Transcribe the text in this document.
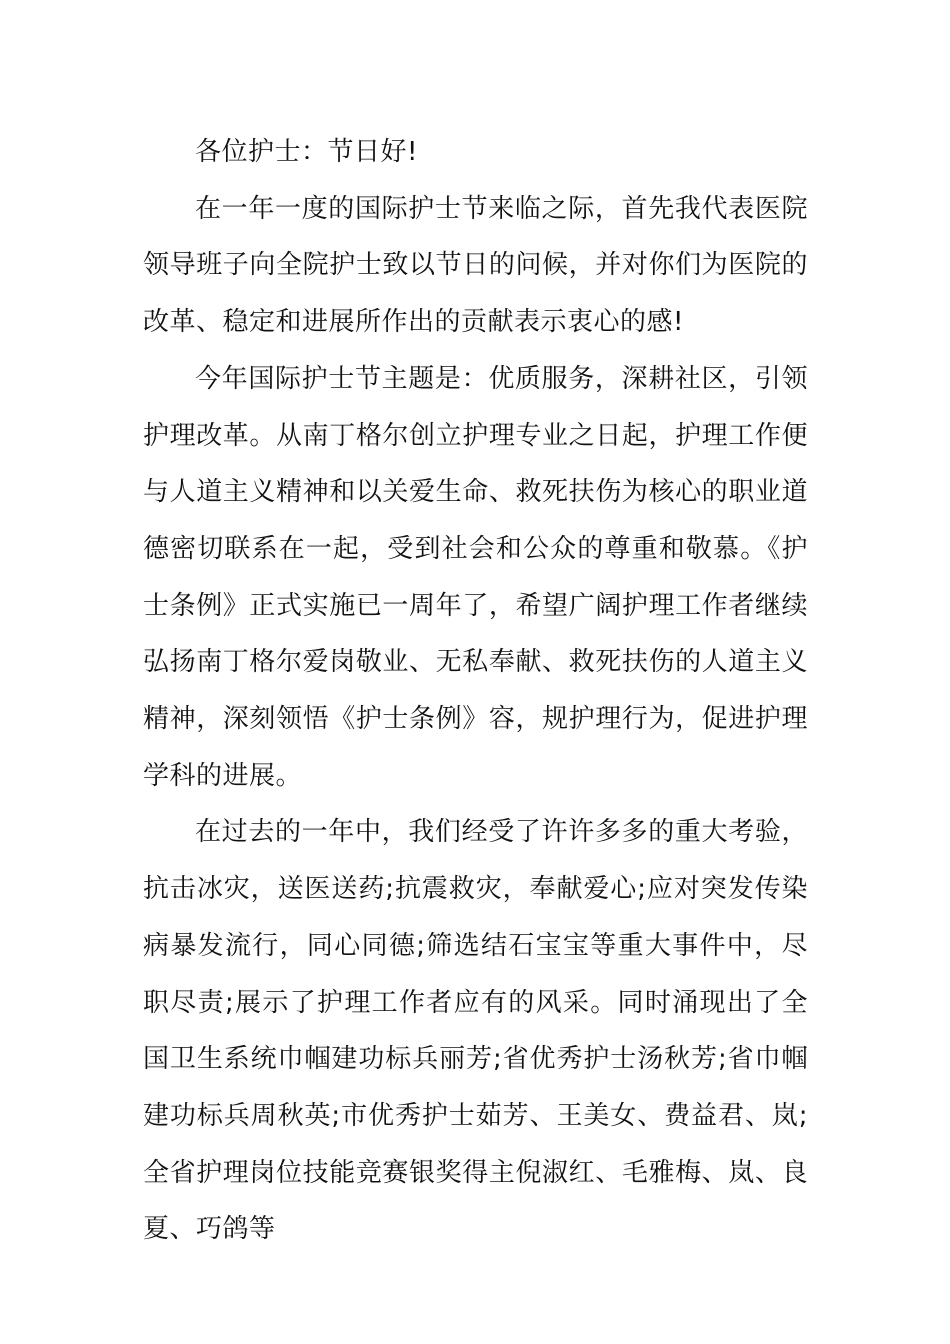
各位护士：节日好!

在一年一度的国际护士节来临之际，首先我代表医院领导班子向全院护士致以节日的问候，并对你们为医院的改革、稳定和进展所作出的贡献表示衷心的感!

今年国际护士节主题是：优质服务，深耕社区，引领护理改革。从南丁格尔创立护理专业之日起，护理工作便与人道主义精神和以关爱生命、救死扶伤为核心的职业道德密切联系在一起，受到社会和公众的尊重和敬慕。《护士条例》正式实施已一周年了，希望广阔护理工作者继续弘扬南丁格尔爱岗敬业、无私奉献、救死扶伤的人道主义精神，深刻领悟《护士条例》容，规护理行为，促进护理学科的进展。

在过去的一年中，我们经受了许许多多的重大考验，抗击冰灾，送医送药;抗震救灾，奉献爱心;应对突发传染病暴发流行，同心同德;筛选结石宝宝等重大事件中，尽职尽责;展示了护理工作者应有的风采。同时涌现出了全国卫生系统巾帼建功标兵丽芳;省优秀护士汤秋芳;省巾帼建功标兵周秋英;市优秀护士茹芳、王美女、费益君、岚;全省护理岗位技能竞赛银奖得主倪淑红、毛雅梅、岚、良夏、巧鸽等
